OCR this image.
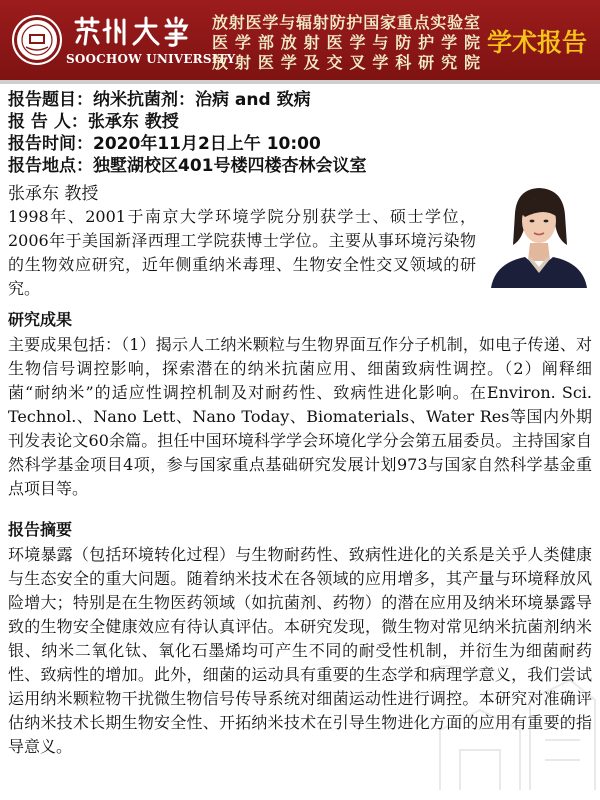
SOOCHOW UNIVERSITY
放射医学与辐射防护国家重点实验室
医学部放射医学与防护学院
放射医学及交叉学科研究院
学术报告
报告题目：纳米抗菌剂：治病 and 致病
报 告 人：张承东 教授
报告时间：2020年11月2日上午 10:00
报告地点：独墅湖校区401号楼四楼杏林会议室
张承东 教授
1998年、2001于南京大学环境学院分别获学士、硕士学位，2006年于美国新泽西理工学院获博士学位。主要从事环境污染物的生物效应研究，近年侧重纳米毒理、生物安全性交叉领域的研究。
研究成果
主要成果包括：（1）揭示人工纳米颗粒与生物界面互作分子机制，如电子传递、对生物信号调控影响，探索潜在的纳米抗菌应用、细菌致病性调控。（2）阐释细菌“耐纳米”的适应性调控机制及对耐药性、致病性进化影响。在Environ. Sci. Technol.、Nano Lett、Nano Today、Biomaterials、Water Res等国内外期刊发表论文60余篇。担任中国环境科学学会环境化学分会第五届委员。主持国家自然科学基金项目4项，参与国家重点基础研究发展计划973与国家自然科学基金重点项目等。
报告摘要
环境暴露（包括环境转化过程）与生物耐药性、致病性进化的关系是关乎人类健康与生态安全的重大问题。随着纳米技术在各领域的应用增多，其产量与环境释放风险增大；特别是在生物医药领域（如抗菌剂、药物）的潜在应用及纳米环境暴露导致的生物安全健康效应有待认真评估。本研究发现，微生物对常见纳米抗菌剂纳米银、纳米二氧化钛、氧化石墨烯均可产生不同的耐受性机制，并衍生为细菌耐药性、致病性的增加。此外，细菌的运动具有重要的生态学和病理学意义，我们尝试运用纳米颗粒物干扰微生物信号传导系统对细菌运动性进行调控。本研究对准确评估纳米技术长期生物安全性、开拓纳米技术在引导生物进化方面的应用有重要的指导意义。
